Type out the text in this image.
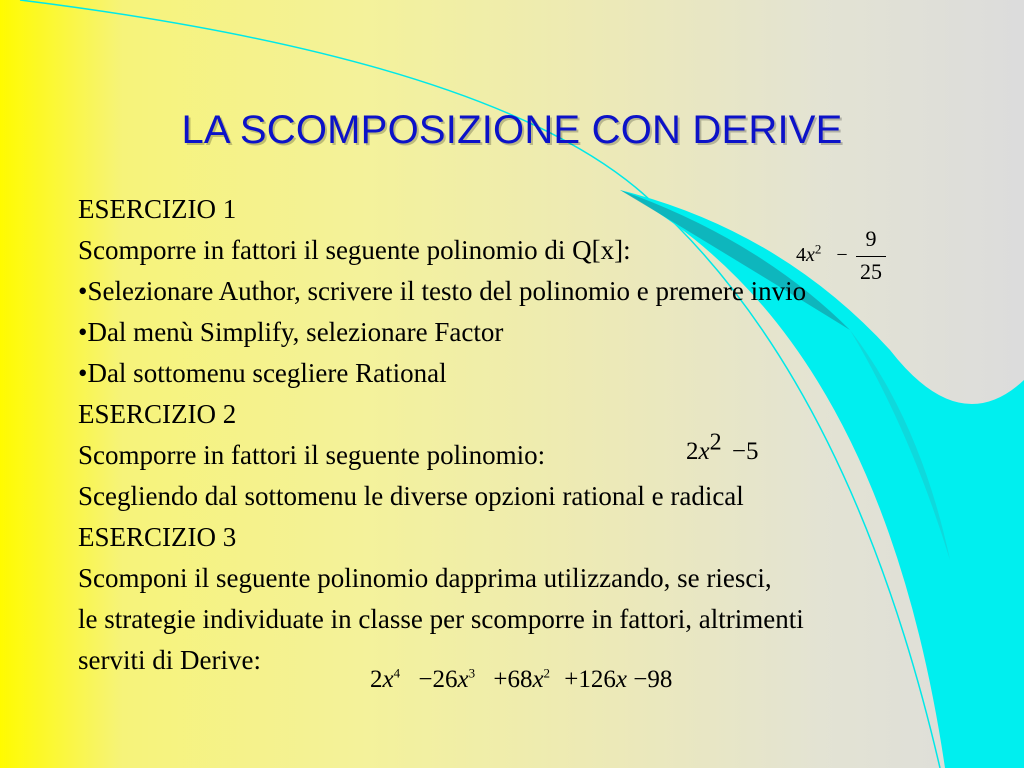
LA SCOMPOSIZIONE CON DERIVE
ESERCIZIO 1
Scomporre in fattori il seguente polinomio di Q[x]:
•Selezionare Author, scrivere il testo del polinomio e premere invio
•Dal menù Simplify, selezionare Factor
•Dal sottomenu scegliere Rational
ESERCIZIO 2
Scomporre in fattori il seguente polinomio:
Scegliendo dal sottomenu le diverse opzioni rational e radical
ESERCIZIO 3
Scomponi il seguente polinomio dapprima utilizzando, se riesci,
le strategie individuate in classe per scomporre in fattori, altrimenti
serviti di Derive:
$4x^2$ −
9
25
$2x^2 -5$
$2x^4 -26x^3 +68x^2 +126x -98$
